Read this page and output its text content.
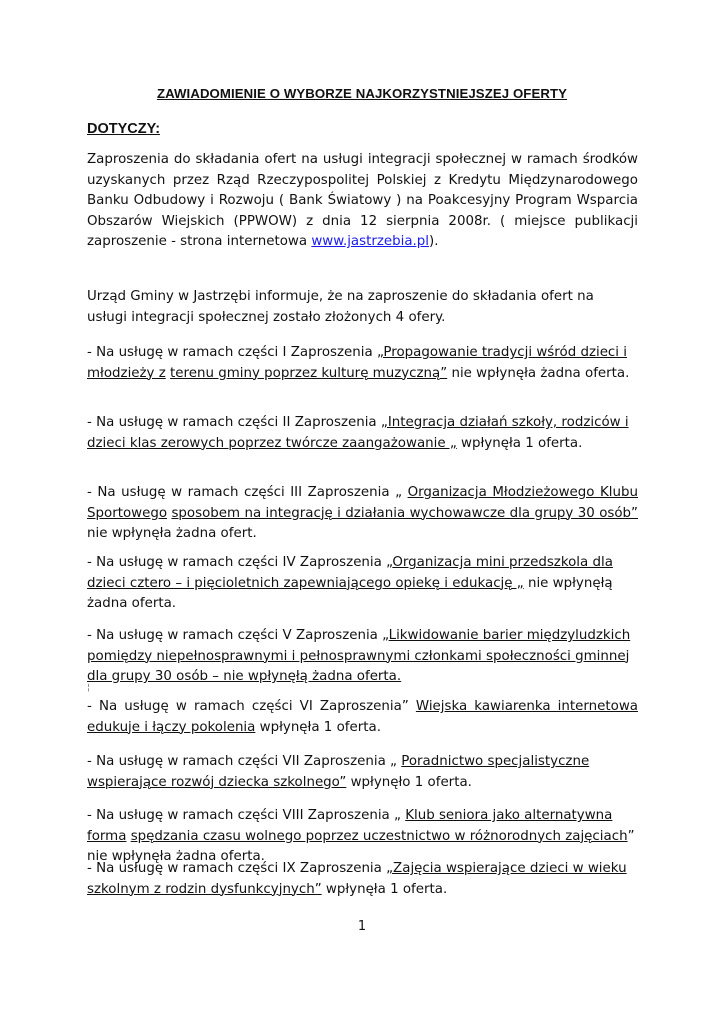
ZAWIADOMIENIE O WYBORZE NAJKORZYSTNIEJSZEJ OFERTY
DOTYCZY:
Zaproszenia do składania ofert na usługi integracji społecznej w ramach środków uzyskanych przez Rząd Rzeczypospolitej Polskiej z Kredytu Międzynarodowego Banku Odbudowy i Rozwoju ( Bank Światowy ) na Poakcesyjny Program Wsparcia Obszarów Wiejskich (PPWOW) z dnia 12 sierpnia 2008r. ( miejsce publikacji zaproszenie - strona internetowa www.jastrzebia.pl).
Urząd Gminy w Jastrzębi informuje, że na zaproszenie do składania ofert na usługi integracji społecznej zostało złożonych 4 ofery.
- Na usługę w ramach części I Zaproszenia „Propagowanie tradycji wśród dzieci i młodzieży z terenu gminy poprzez kulturę muzyczną” nie wpłynęła żadna oferta.
- Na usługę w ramach części II Zaproszenia „Integracja działań szkoły, rodziców i dzieci klas zerowych poprzez twórcze zaangażowanie „ wpłynęła 1 oferta.
- Na usługę w ramach części III Zaproszenia „ Organizacja Młodzieżowego Klubu Sportowego sposobem na integrację i działania wychowawcze dla grupy 30 osób” nie wpłynęła żadna ofert.
- Na usługę w ramach części IV Zaproszenia „Organizacja mini przedszkola dla dzieci cztero – i pięcioletnich zapewniającego opiekę i edukację „ nie wpłynęłą żadna oferta.
- Na usługę w ramach części V Zaproszenia „Likwidowanie barier międzyludzkich pomiędzy niepełnosprawnymi i pełnosprawnymi członkami społeczności gminnej dla grupy 30 osób – nie wpłynęłą żadna oferta.
¦
- Na usługę w ramach części VI Zaproszenia” Wiejska kawiarenka internetowa edukuje i łączy pokolenia wpłynęła 1 oferta.
- Na usługę w ramach części VII Zaproszenia „ Poradnictwo specjalistyczne wspierające rozwój dziecka szkolnego” wpłynęło 1 oferta.
- Na usługę w ramach części VIII Zaproszenia „ Klub seniora jako alternatywna forma spędzania czasu wolnego poprzez uczestnictwo w różnorodnych zajęciach” nie wpłynęła żadna oferta.
- Na usługę w ramach części IX Zaproszenia „Zajęcia wspierające dzieci w wieku szkolnym z rodzin dysfunkcyjnych” wpłynęła 1 oferta.
1
